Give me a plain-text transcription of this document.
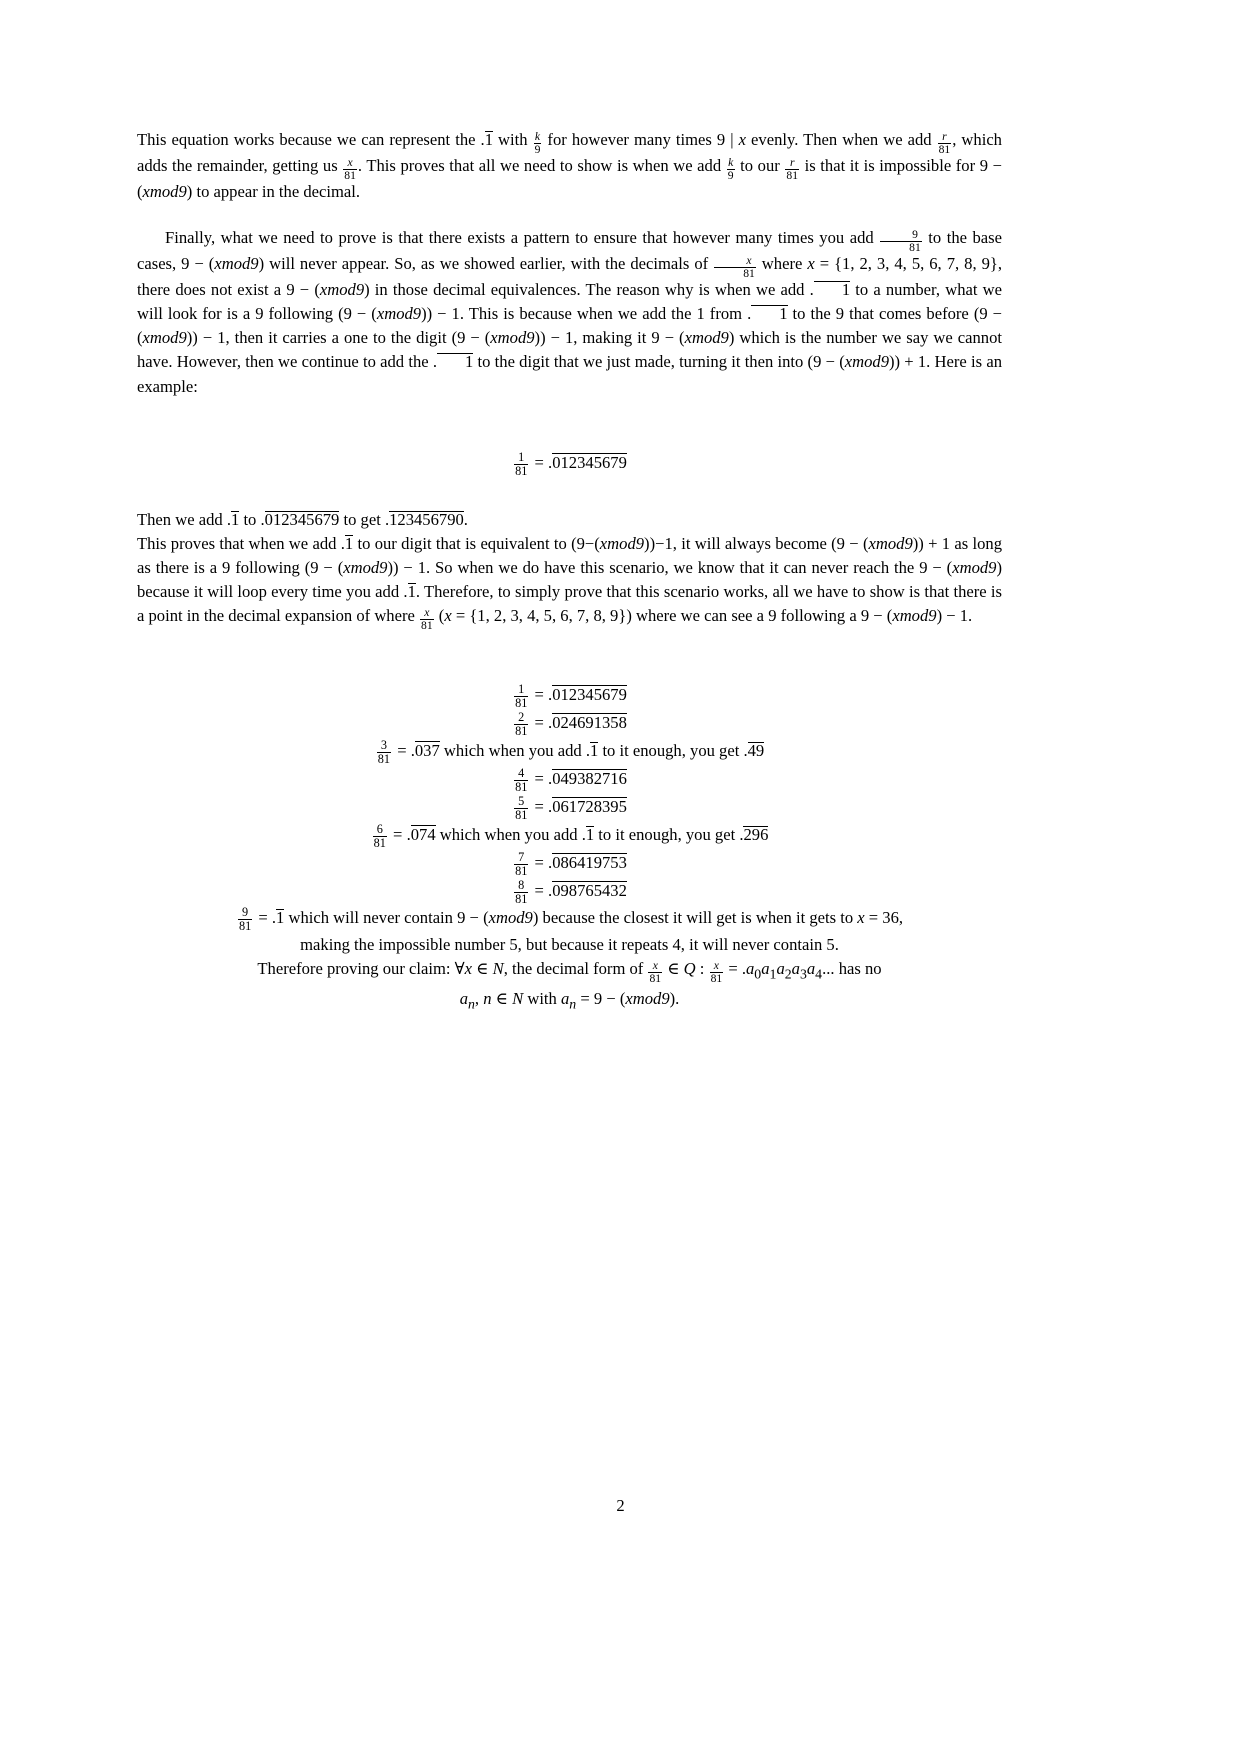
This equation works because we can represent the .1 with $\frac{k}{9}$ for however many times 9 | x evenly. Then when we add $\frac{r}{81}$ , which adds the remainder, getting us $\frac{x}{81}$ . This proves that all we need to show is when we add $\frac{k}{9}$ to our $\frac{r}{81}$ is that it is impossible for 9 − (xmod9) to appear in the decimal.

Finally, what we need to prove is that there exists a pattern to ensure that however many times you add $\frac{9}{81}$ to the base cases, 9 − (xmod9) will never appear. So, as we showed earlier, with the decimals of $\frac{x}{81}$ where x = {1, 2, 3, 4, 5, 6, 7, 8, 9}, there does not exist a 9 − (xmod9) in those decimal equivalences. The reason why is when we add . 1 to a number, what we will look for is a 9 following (9 − (xmod9)) − 1. This is because when we add the 1 from . 1 to the 9 that comes before (9 − (xmod9)) − 1, then it carries a one to the digit (9 − (xmod9)) − 1, making it 9 − (xmod9) which is the number we say we cannot have. However, then we continue to add the . 1 to the digit that we just made, turning it then into (9 − (xmod9)) + 1. Here is an example:

$\frac{1}{81} = .012345679$

Then we add .1 to .012345679 to get .123456790.
This proves that when we add .1 to our digit that is equivalent to (9−(xmod9))−1, it will always become (9 − (xmod9)) + 1 as long as there is a 9 following (9 − (xmod9)) − 1. So when we do have this scenario, we know that it can never reach the 9 − (xmod9) because it will loop every time you add .1. Therefore, to simply prove that this scenario works, all we have to show is that there is a point in the decimal expansion of where $\frac{x}{81} (x = \{1$, 2, 3, 4, 5, 6, 7, 8, 9}) where we can see a 9 following a 9 − (xmod9) − 1.

$\frac{1}{81} = .012345679$
$\frac{2}{81} = .024691358$
$\frac{3}{81} = .037$ which when you add .1 to it enough, you get .49
$\frac{4}{81} = .049382716$
$\frac{5}{81} = .061728395$
$\frac{6}{81} = .074$ which when you add .1 to it enough, you get .296
$\frac{7}{81} = .086419753$
$\frac{8}{81} = .098765432$
$\frac{9}{81} = .1$ which will never contain 9 − (xmod9) because the closest it will get is when it gets to x = 36,
making the impossible number 5, but because it repeats 4, it will never contain 5.
Therefore proving our claim: ∀x ∈ N, the decimal form of $\frac{x}{81}$ ∈ Q : $\frac{x}{81} = .a_0a_1a_2a_3a_4$... has no
$a_n$, n ∈ N with $a_n = 9$ − (xmod9).
2
